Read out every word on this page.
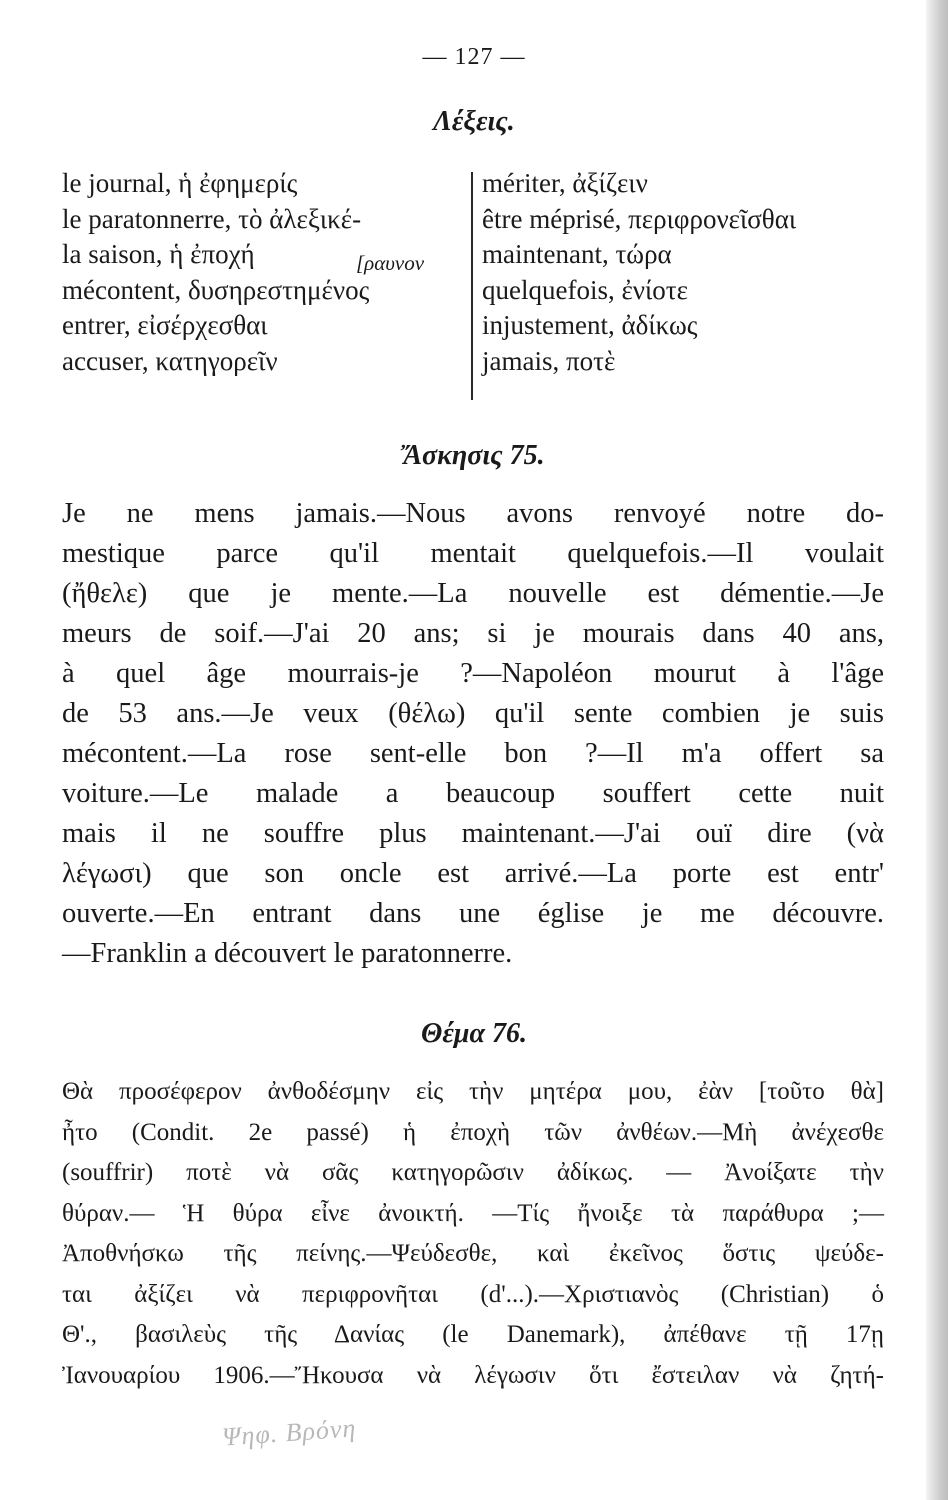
— 127 —
Λέξεις.
le journal, ἡ ἐφημερίς
le paratonnerre, τὸ ἀλεξικέ-
la saison, ἡ ἐποχή
mécontent, δυσηρεστημένος
entrer, εἰσέρχεσθαι
accuser, κατηγορεῖν
[ραυνον
mériter, ἀξίζειν
être méprisé, περιφρονεῖσθαι
maintenant, τώρα
quelquefois, ἐνίοτε
injustement, ἀδίκως
jamais, ποτὲ
Ἄσκησις 75.
Je ne mens jamais.—Nous avons renvoyé notre do-
mestique parce qu'il mentait quelquefois.—Il voulait
(ἤθελε) que je mente.—La nouvelle est démentie.—Je
meurs de soif.—J'ai 20 ans; si je mourais dans 40 ans,
à quel âge mourrais-je ?—Napoléon mourut à l'âge
de 53 ans.—Je veux (θέλω) qu'il sente combien je suis
mécontent.—La rose sent-elle bon ?—Il m'a offert sa
voiture.—Le malade a beaucoup souffert cette nuit
mais il ne souffre plus maintenant.—J'ai ouï dire (νὰ
λέγωσι) que son oncle est arrivé.—La porte est entr'
ouverte.—En entrant dans une église je me découvre.
—Franklin a découvert le paratonnerre.
Θέμα 76.
Θὰ προσέφερον ἀνθοδέσμην εἰς τὴν μητέρα μου, ἐὰν [τοῦτο θὰ]
ἦτο (Condit. 2e passé) ἡ ἐποχὴ τῶν ἀνθέων.—Μὴ ἀνέχεσθε
(souffrir) ποτὲ νὰ σᾶς κατηγορῶσιν ἀδίκως. — Ἀνοίξατε τὴν
θύραν.— Ἡ θύρα εἶνε ἀνοικτή. —Τίς ἤνοιξε τὰ παράθυρα ;—
Ἀποθνήσκω τῆς πείνης.—Ψεύδεσθε, καὶ ἐκεῖνος ὅστις ψεύδε-
ται ἀξίζει νὰ περιφρονῆται (d'...).—Χριστιανὸς (Christian) ὁ
Θ'., βασιλεὺς τῆς Δανίας (le Danemark), ἀπέθανε τῇ 17ῃ
Ἰανουαρίου 1906.—Ἤκουσα νὰ λέγωσιν ὅτι ἔστειλαν νὰ ζητή-
Ψηφ. Βρόνη
